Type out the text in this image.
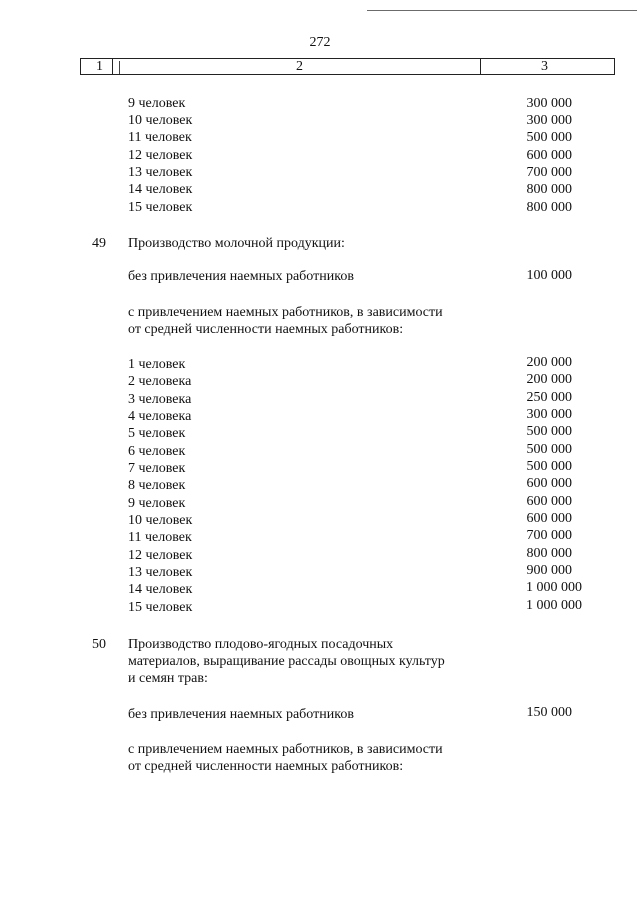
272
1	2	3
9 человек	300 000
10 человек	300 000
11 человек	500 000
12 человек	600 000
13 человек	700 000
14 человек	800 000
15 человек	800 000
49 Производство молочной продукции:
без привлечения наемных работников	100 000
с привлечением наемных работников, в зависимости
от средней численности наемных работников:
1 человек	200 000
2 человека	200 000
3 человека	250 000
4 человека	300 000
5 человек	500 000
6 человек	500 000
7 человек	500 000
8 человек	600 000
9 человек	600 000
10 человек	600 000
11 человек	700 000
12 человек	800 000
13 человек	900 000
14 человек	1 000 000
15 человек	1 000 000
50 Производство плодово-ягодных посадочных
материалов, выращивание рассады овощных культур
и семян трав:
без привлечения наемных работников	150 000
с привлечением наемных работников, в зависимости
от средней численности наемных работников:
